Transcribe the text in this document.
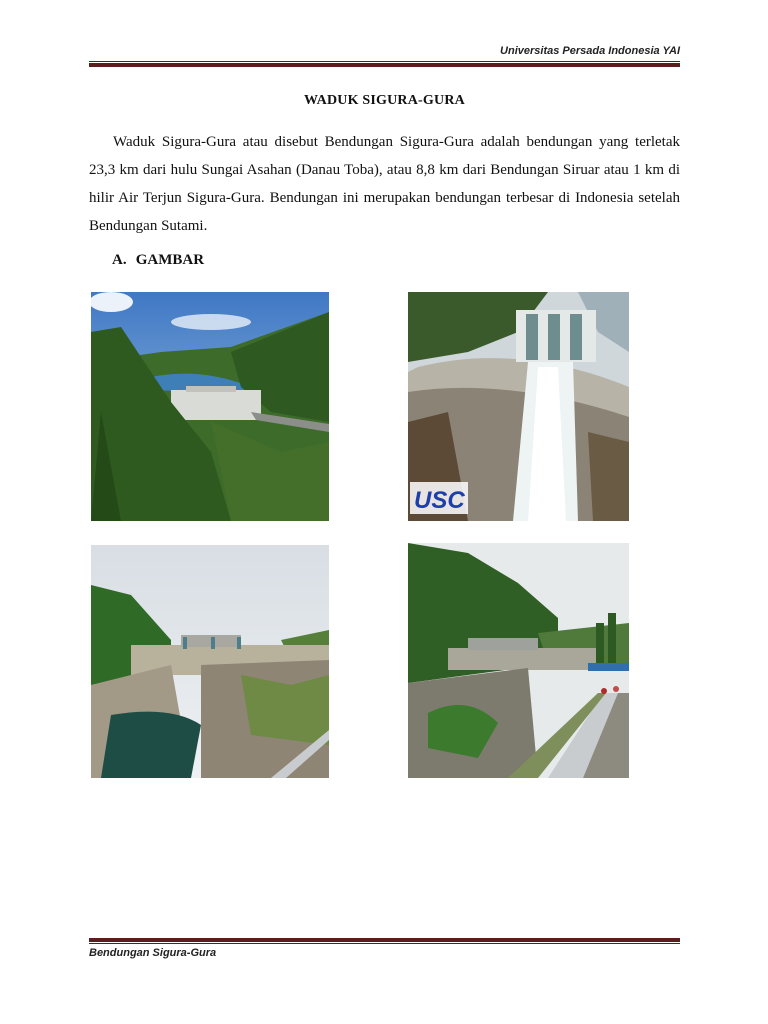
Universitas Persada Indonesia YAI
WADUK SIGURA-GURA

Waduk Sigura-Gura atau disebut Bendungan Sigura-Gura adalah bendungan yang terletak 23,3 km dari hulu Sungai Asahan (Danau Toba), atau 8,8 km dari Bendungan Siruar atau 1 km di hilir Air Terjun Sigura-Gura. Bendungan ini merupakan bendungan terbesar di Indonesia setelah Bendungan Sutami.

A. GAMBAR
USC
Bendungan Sigura-Gura
